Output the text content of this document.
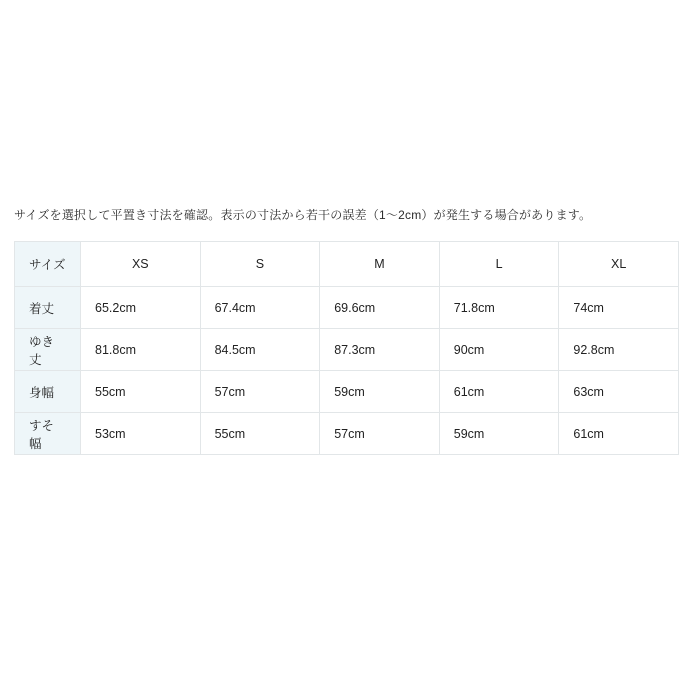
サイズを選択して平置き寸法を確認。表示の寸法から若干の誤差（1〜2cm）が発生する場合があります。
サイズ	XS	S	M	L	XL
着丈	65.2cm	67.4cm	69.6cm	71.8cm	74cm
ゆき丈	81.8cm	84.5cm	87.3cm	90cm	92.8cm
身幅	55cm	57cm	59cm	61cm	63cm
すそ幅	53cm	55cm	57cm	59cm	61cm
